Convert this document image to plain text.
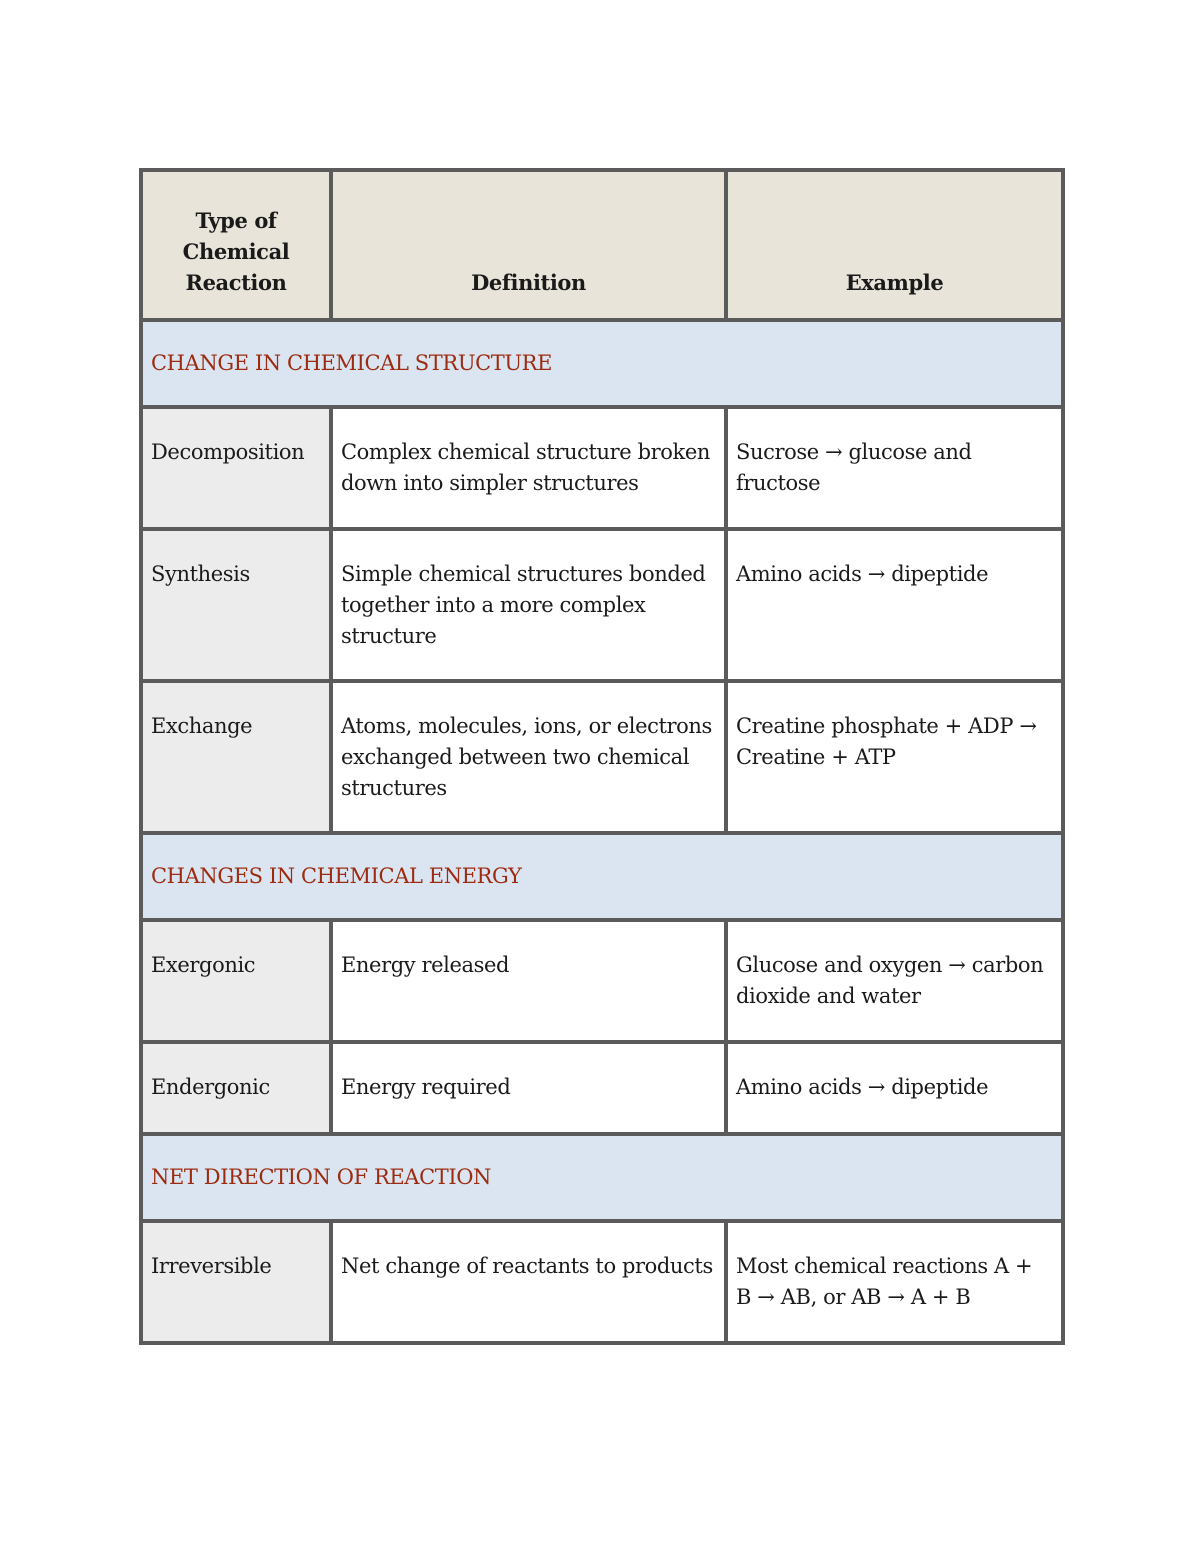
Type of Chemical Reaction	Definition	Example
CHANGE IN CHEMICAL STRUCTURE		
Decomposition	Complex chemical structure broken down into simpler structures	Sucrose → glucose and fructose
Synthesis	Simple chemical structures bonded together into a more complex structure	Amino acids → dipeptide
Exchange	Atoms, molecules, ions, or electrons exchanged between two chemical structures	Creatine phosphate + ADP → Creatine + ATP
CHANGES IN CHEMICAL ENERGY		
Exergonic	Energy released	Glucose and oxygen → carbon dioxide and water
Endergonic	Energy required	Amino acids → dipeptide
NET DIRECTION OF REACTION		
Irreversible	Net change of reactants to products	Most chemical reactions A + B → AB, or AB → A + B
